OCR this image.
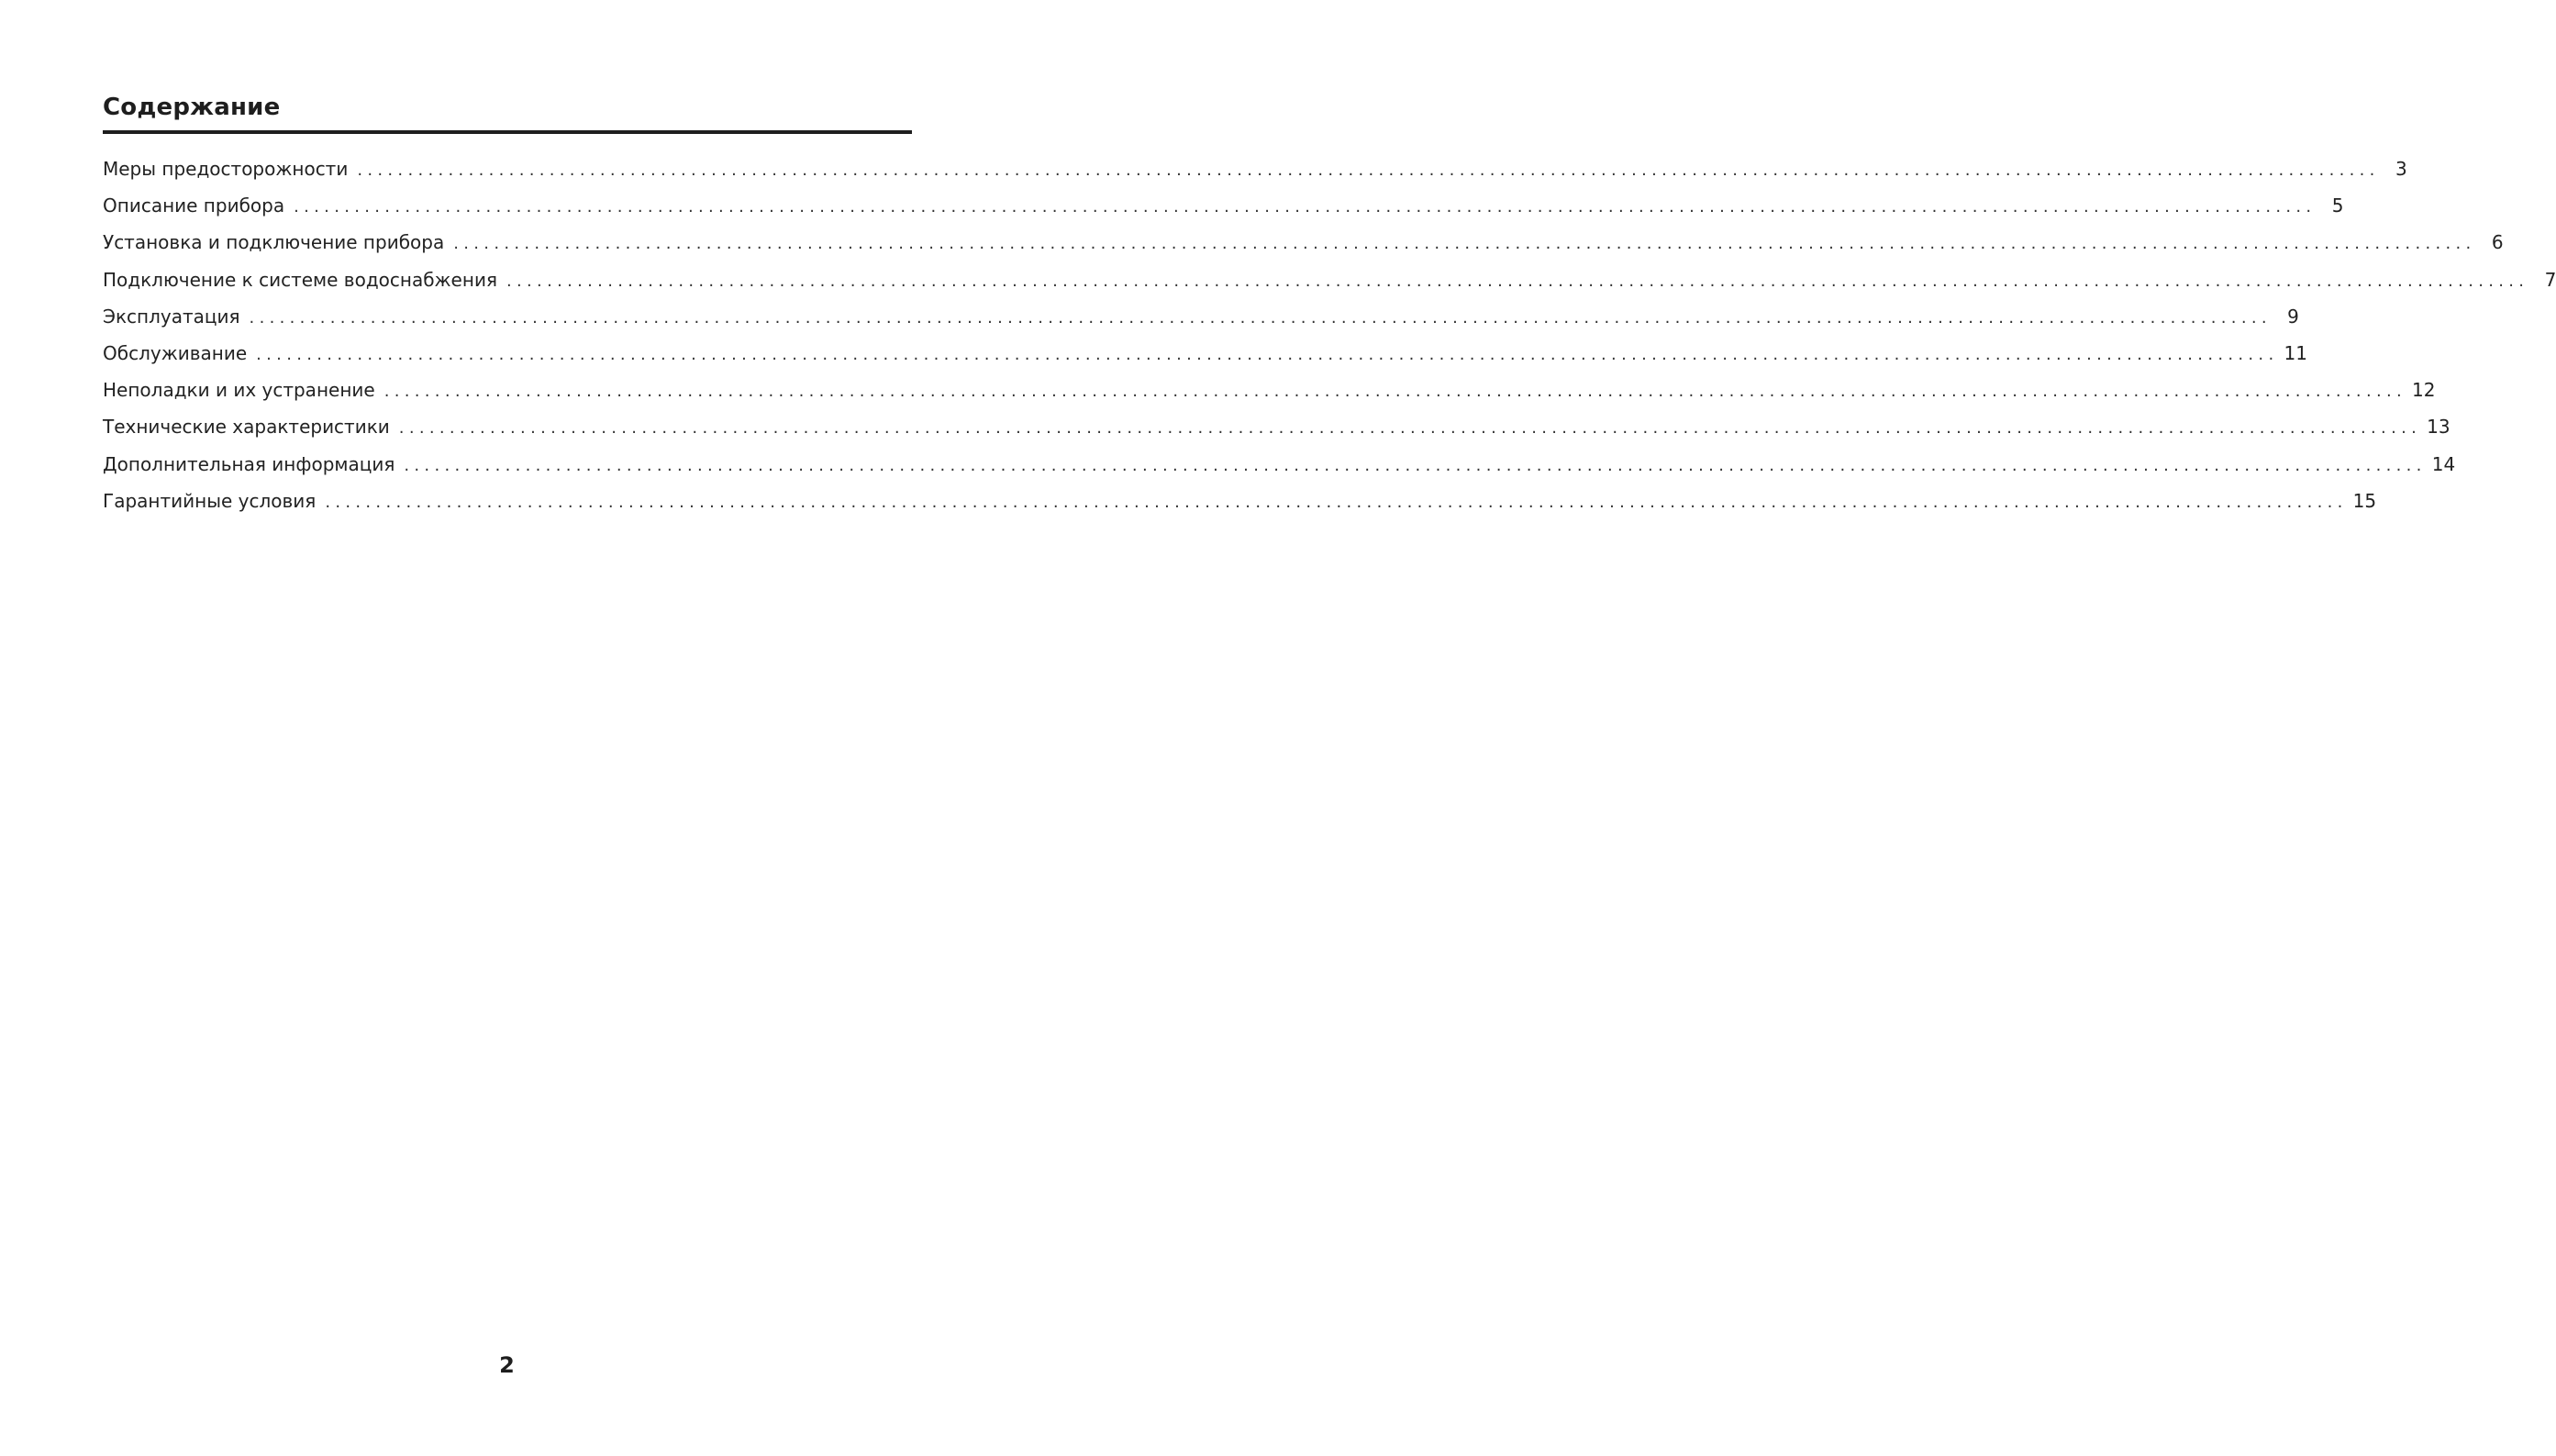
Содержание
Меры предосторожности ........................................................................................................................................................................................................ 3
Описание прибора ........................................................................................................................................................................................................ 5
Установка и подключение прибора ........................................................................................................................................................................................................ 6
Подключение к системе водоснабжения ........................................................................................................................................................................................................ 7
Эксплуатация ........................................................................................................................................................................................................ 9
Обслуживание ........................................................................................................................................................................................................ 11
Неполадки и их устранение ........................................................................................................................................................................................................ 12
Технические характеристики ........................................................................................................................................................................................................ 13
Дополнительная информация ........................................................................................................................................................................................................ 14
Гарантийные условия ........................................................................................................................................................................................................ 15
2
